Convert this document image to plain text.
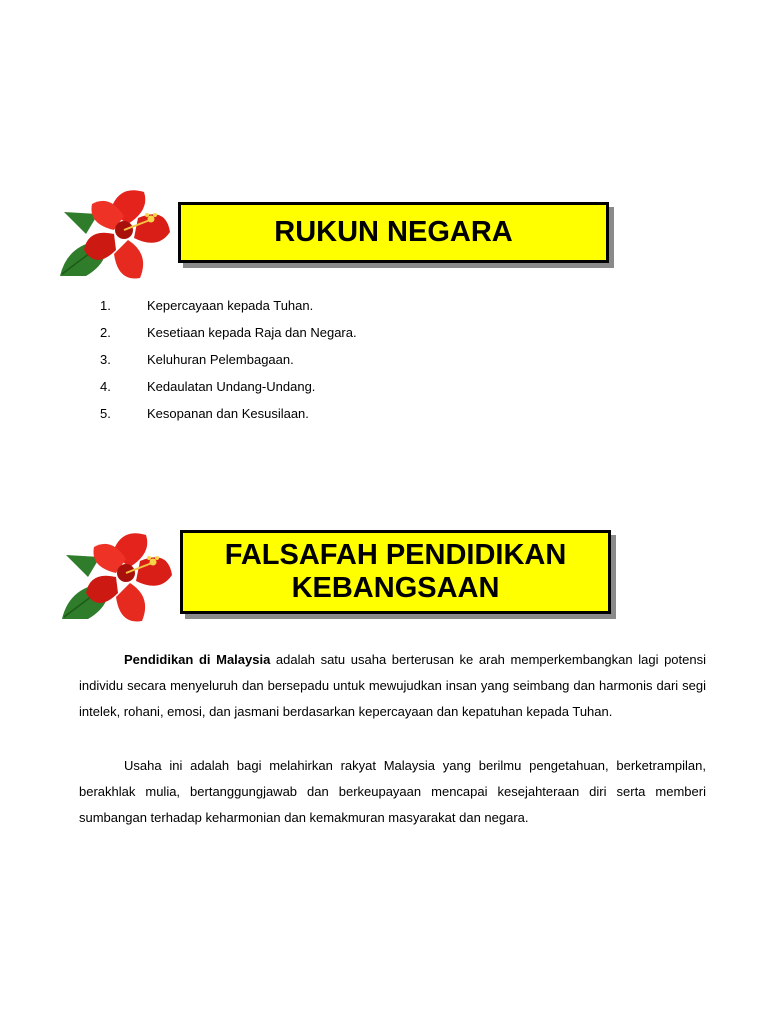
RUKUN NEGARA
1.	Kepercayaan kepada Tuhan.
2.	Kesetiaan kepada Raja dan Negara.
3.	Keluhuran Pelembagaan.
4.	Kedaulatan Undang-Undang.
5.	Kesopanan dan Kesusilaan.
FALSAFAH PENDIDIKAN
KEBANGSAAN

Pendidikan di Malaysia adalah satu usaha berterusan ke arah memperkembangkan lagi potensi individu secara menyeluruh dan bersepadu untuk mewujudkan insan yang seimbang dan harmonis dari segi intelek, rohani, emosi, dan jasmani berdasarkan kepercayaan dan kepatuhan kepada Tuhan.

Usaha ini adalah bagi melahirkan rakyat Malaysia yang berilmu pengetahuan, berketrampilan, berakhlak mulia, bertanggungjawab dan berkeupayaan mencapai kesejahteraan diri serta memberi sumbangan terhadap keharmonian dan kemakmuran masyarakat dan negara.
